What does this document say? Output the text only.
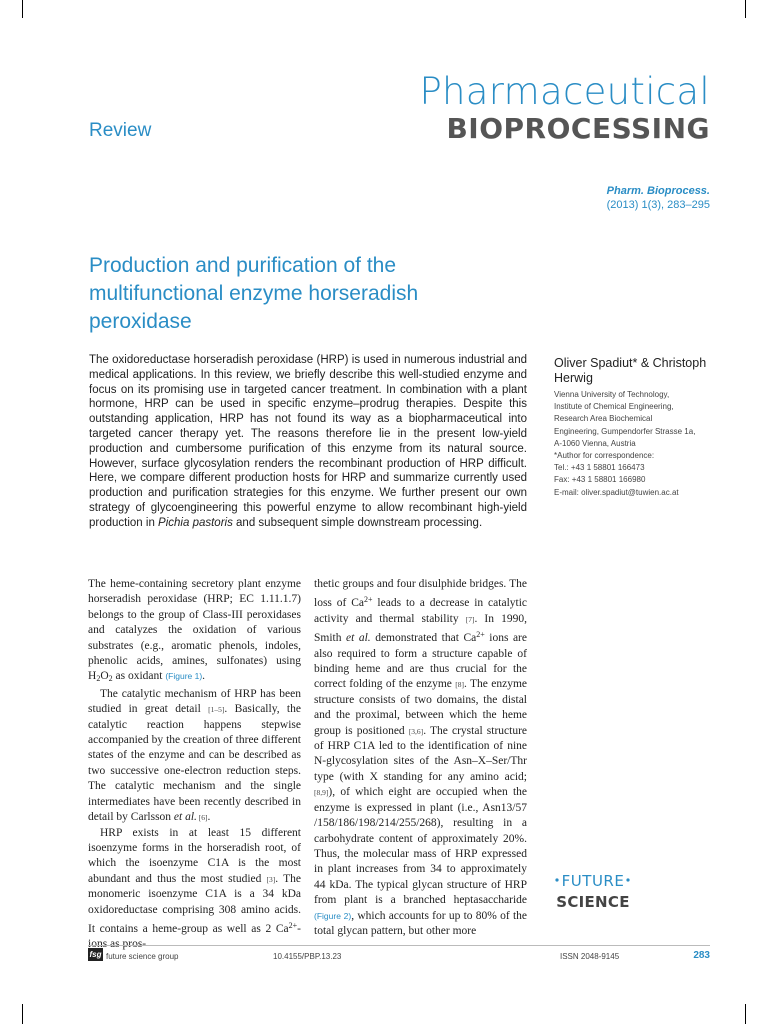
Pharmaceutical
BIOPROCESSING
Review
Pharm. Bioprocess.
(2013) 1(3), 283–295
Production and purification of the multifunctional enzyme horseradish peroxidase
The oxidoreductase horseradish peroxidase (HRP) is used in numerous industrial and medical applications. In this review, we briefly describe this well-studied enzyme and focus on its promising use in targeted cancer treatment. In combination with a plant hormone, HRP can be used in specific enzyme–prodrug therapies. Despite this outstanding application, HRP has not found its way as a biopharmaceutical into targeted cancer therapy yet. The reasons therefore lie in the present low-yield production and cumbersome purification of this enzyme from its natural source. However, surface glycosylation renders the recombinant production of HRP difficult. Here, we compare different production hosts for HRP and summarize currently used production and purification strategies for this enzyme. We further present our own strategy of glycoengineering this powerful enzyme to allow recombinant high-yield production in Pichia pastoris and subsequent simple downstream processing.
Oliver Spadiut* & Christoph Herwig
Vienna University of Technology,
Institute of Chemical Engineering,
Research Area Biochemical
Engineering, Gumpendorfer Strasse 1a,
A-1060 Vienna, Austria
*Author for correspondence:
Tel.: +43 1 58801 166473
Fax: +43 1 58801 166980
E-mail: oliver.spadiut@tuwien.ac.at

The heme-containing secretory plant enzyme horseradish peroxidase (HRP; EC 1.11.1.7) belongs to the group of Class-III peroxidases and catalyzes the oxidation of various substrates (e.g., aromatic phenols, indoles, phenolic acids, amines, sulfonates) using $H_2O_2$ as oxidant (Figure 1).

The catalytic mechanism of HRP has been studied in great detail [1–5]. Basically, the catalytic reaction happens stepwise accompanied by the creation of three different states of the enzyme and can be described as two successive one-electron reduction steps. The catalytic mechanism and the single intermediates have been recently described in detail by Carlsson et al. [6].

HRP exists in at least 15 different isoenzyme forms in the horseradish root, of which the isoenzyme C1A is the most abundant and thus the most studied [3]. The monomeric isoenzyme C1A is a 34 kDa oxidoreductase comprising 308 amino acids. It contains a heme-group as well as 2 $Ca^{2+}-$

thetic groups and four disulphide bridges. The loss of $Ca^{2+}$ leads to a decrease in catalytic activity and thermal stability [7]. In 1990, Smith et al. demonstrated that $Ca^{2+}$ ions are also required to form a structure capable of binding heme and are thus crucial for the correct folding of the enzyme [8]. The enzyme structure consists of two domains, the distal and the proximal, between which the heme group is positioned [3,6]. The crystal structure of HRP C1A led to the identification of nine N-glycosylation sites of the Asn–X–Ser/Thr type (with X standing for any amino acid; [8,9]), of which eight are occupied when the enzyme is expressed in plant (i.e., Asn13/57 /158/186/198/214/255/268), resulting in a carbohydrate content of approximately 20%. Thus, the molecular mass of HRP expressed in plant increases from 34 to approximately 44 kDa. The typical glycan structure of HRP from plant is a branched heptasaccharide (Figure 2), which accounts for up to 80% of the total glycan pattern, but other more

FUTURE
SCIENCE
fsg future science group	10.4155/PBP.13.23	ISSN 2048-9145	283
